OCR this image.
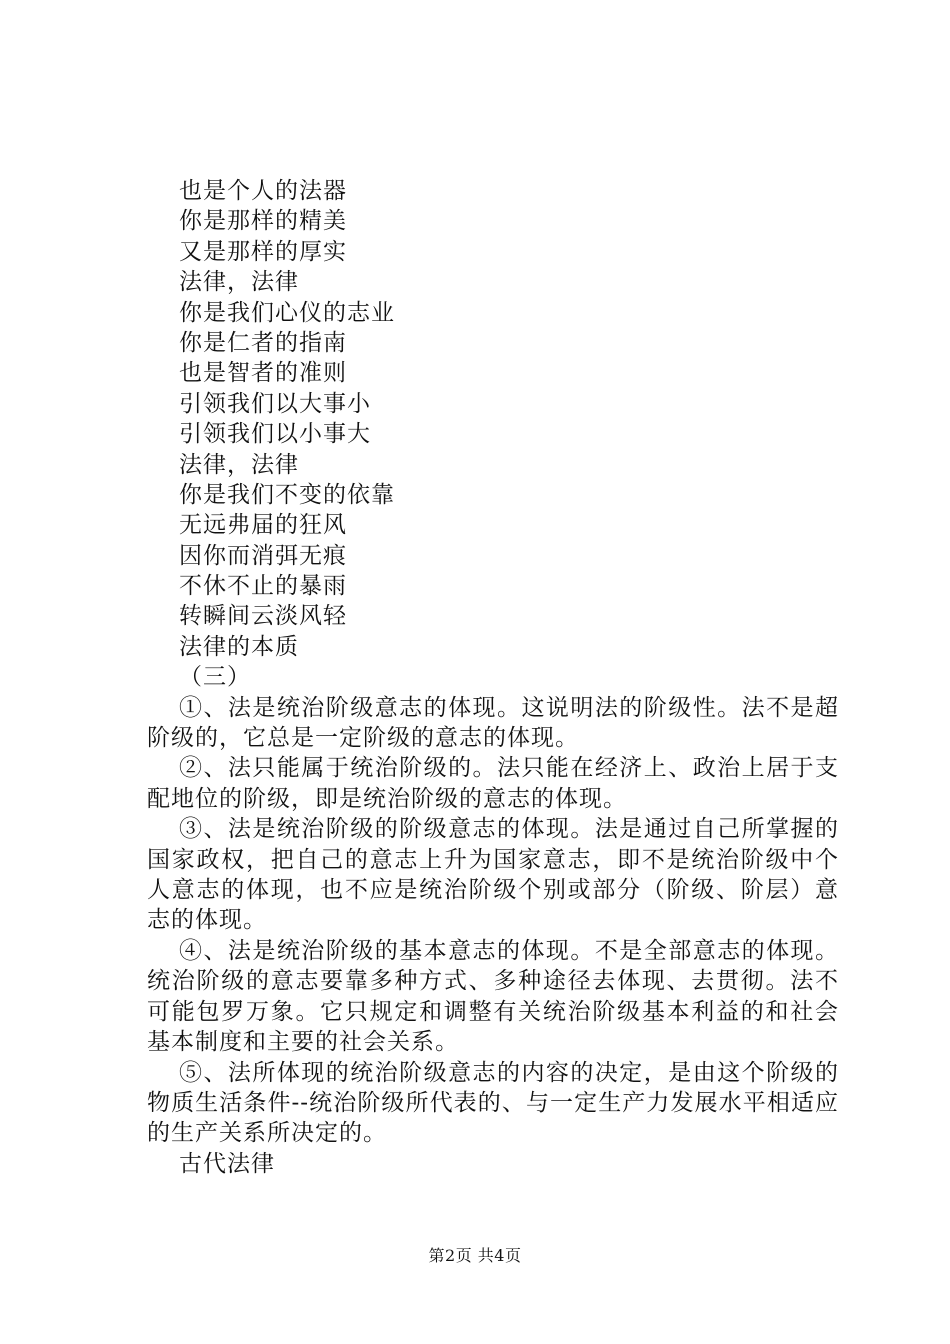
也是个人的法器
你是那样的精美
又是那样的厚实
法律，法律
你是我们心仪的志业
你是仁者的指南
也是智者的准则
引领我们以大事小
引领我们以小事大
法律，法律
你是我们不变的依靠
无远弗届的狂风
因你而消弭无痕
不休不止的暴雨
转瞬间云淡风轻
法律的本质
（三）
①、法是统治阶级意志的体现。这说明法的阶级性。法不是超阶级的，它总是一定阶级的意志的体现。
②、法只能属于统治阶级的。法只能在经济上、政治上居于支配地位的阶级，即是统治阶级的意志的体现。
③、法是统治阶级的阶级意志的体现。法是通过自己所掌握的国家政权，把自己的意志上升为国家意志，即不是统治阶级中个人意志的体现，也不应是统治阶级个别或部分（阶级、阶层）意志的体现。
④、法是统治阶级的基本意志的体现。不是全部意志的体现。统治阶级的意志要靠多种方式、多种途径去体现、去贯彻。法不可能包罗万象。它只规定和调整有关统治阶级基本利益的和社会基本制度和主要的社会关系。
⑤、法所体现的统治阶级意志的内容的决定，是由这个阶级的物质生活条件--统治阶级所代表的、与一定生产力发展水平相适应的生产关系所决定的。
古代法律
第2页 共4页
